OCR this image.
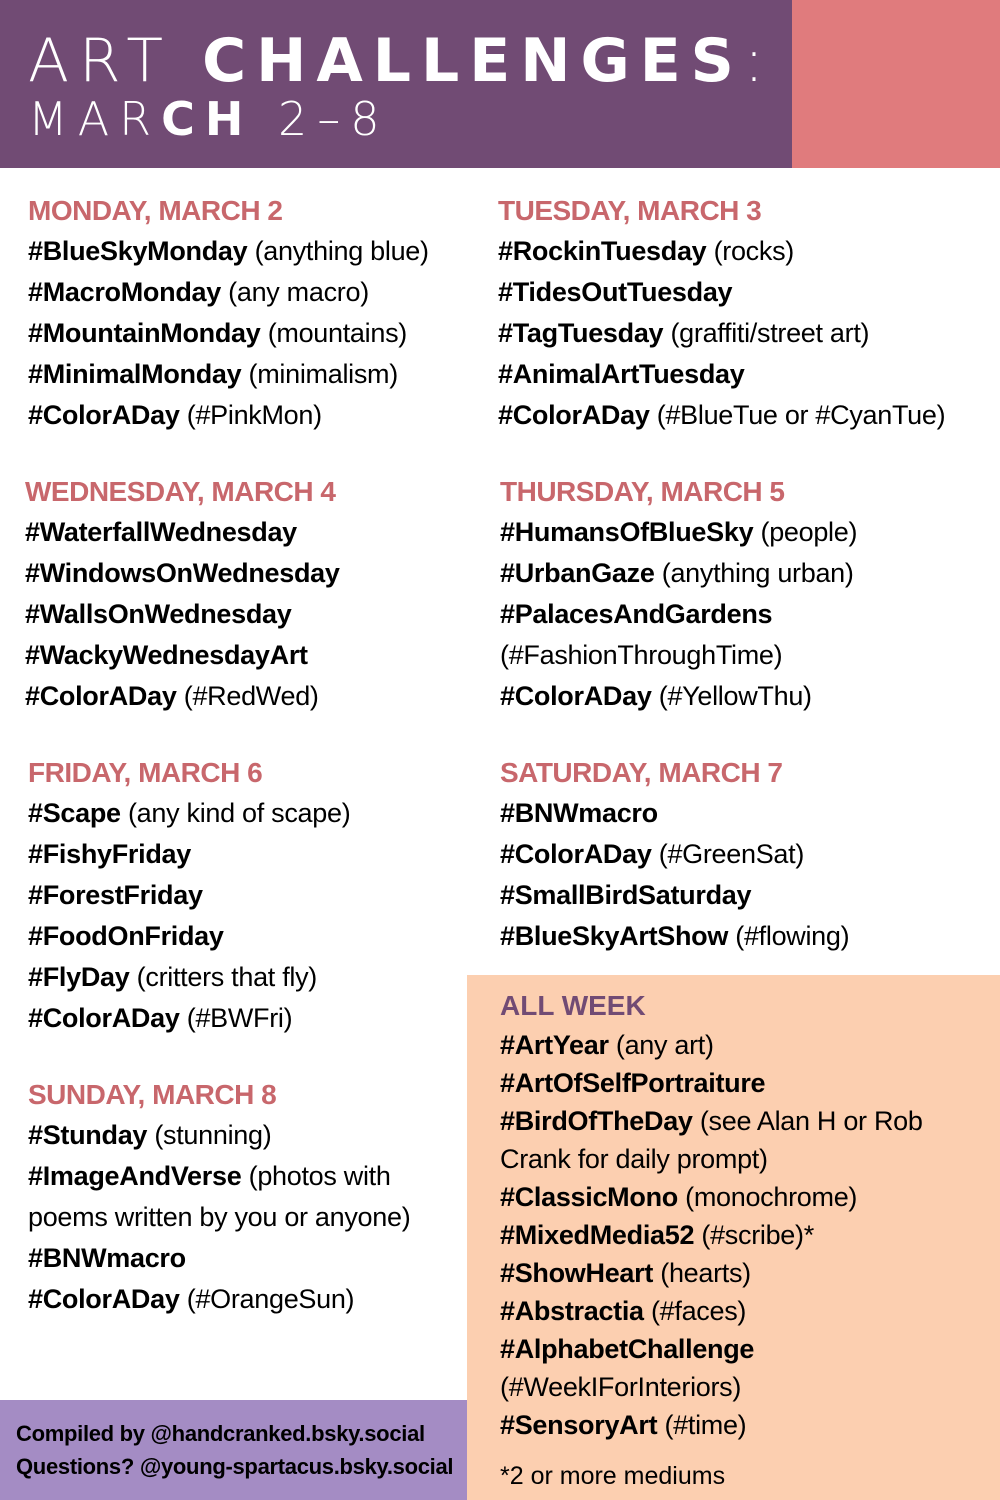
ART CHALLENGES:
MARCH 2–8
MONDAY, MARCH 2
#BlueSkyMonday (anything blue)
#MacroMonday (any macro)
#MountainMonday (mountains)
#MinimalMonday (minimalism)
#ColorADay (#PinkMon)
TUESDAY, MARCH 3
#RockinTuesday (rocks)
#TidesOutTuesday
#TagTuesday (graffiti/street art)
#AnimalArtTuesday
#ColorADay (#BlueTue or #CyanTue)
WEDNESDAY, MARCH 4
#WaterfallWednesday
#WindowsOnWednesday
#WallsOnWednesday
#WackyWednesdayArt
#ColorADay (#RedWed)
THURSDAY, MARCH 5
#HumansOfBlueSky (people)
#UrbanGaze (anything urban)
#PalacesAndGardens
(#FashionThroughTime)
#ColorADay (#YellowThu)
FRIDAY, MARCH 6
#Scape (any kind of scape)
#FishyFriday
#ForestFriday
#FoodOnFriday
#FlyDay (critters that fly)
#ColorADay (#BWFri)
SATURDAY, MARCH 7
#BNWmacro
#ColorADay (#GreenSat)
#SmallBirdSaturday
#BlueSkyArtShow (#flowing)
SUNDAY, MARCH 8
#Stunday (stunning)
#ImageAndVerse (photos with
poems written by you or anyone)
#BNWmacro
#ColorADay (#OrangeSun)
ALL WEEK
#ArtYear (any art)
#ArtOfSelfPortraiture
#BirdOfTheDay (see Alan H or Rob Crank for daily prompt)
#ClassicMono (monochrome)
#MixedMedia52 (#scribe)*
#ShowHeart (hearts)
#Abstractia (#faces)
#AlphabetChallenge
(#WeekIForInteriors)
#SensoryArt (#time)
*2 or more mediums

Compiled by @handcranked.bsky.social

Questions? @young-spartacus.bsky.social
